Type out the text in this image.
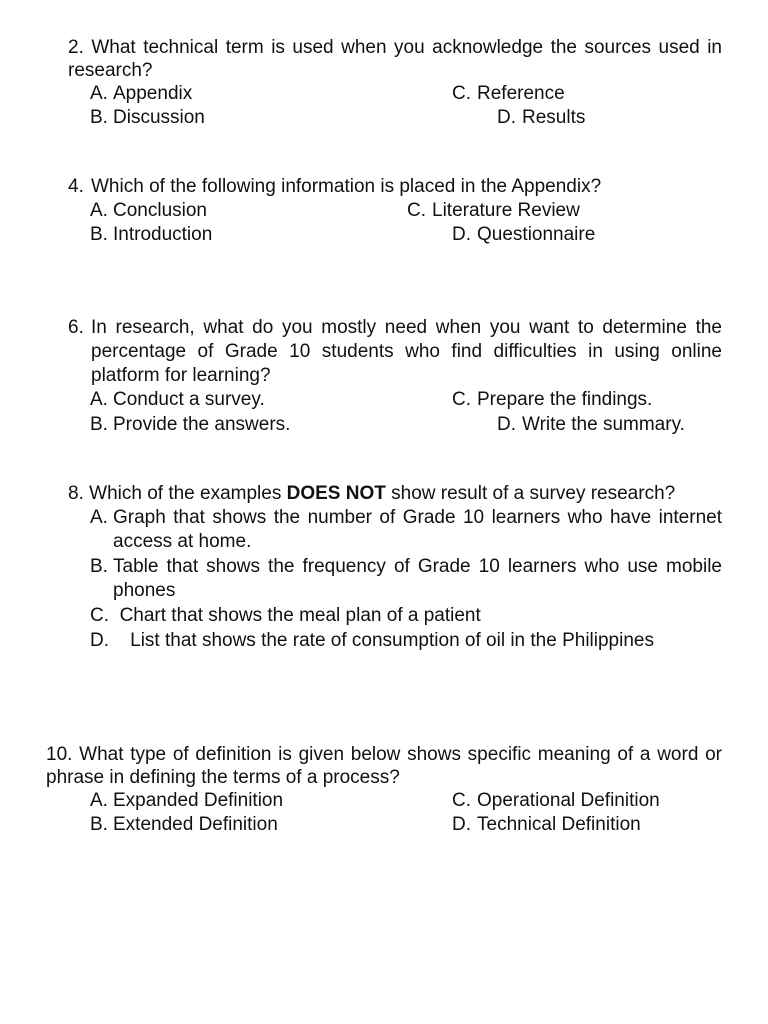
2. What technical term is used when you acknowledge the sources used in research?
A. Appendix	C. Reference
B. Discussion	D. Results
4. Which of the following information is placed in the Appendix?
A. Conclusion	C. Literature Review
B. Introduction	D. Questionnaire
6. In research, what do you mostly need when you want to determine the percentage of Grade 10 students who find difficulties in using online platform for learning?
A. Conduct a survey.	C. Prepare the findings.
B. Provide the answers.	D. Write the summary.
8. Which of the examples DOES NOT show result of a survey research?
A. Graph that shows the number of Grade 10 learners who have internet access at home.
B. Table that shows the frequency of Grade 10 learners who use mobile phones
C. Chart that shows the meal plan of a patient
D. List that shows the rate of consumption of oil in the Philippines
10. What type of definition is given below shows specific meaning of a word or phrase in defining the terms of a process?
A. Expanded Definition	C. Operational Definition
B. Extended Definition	D. Technical Definition
